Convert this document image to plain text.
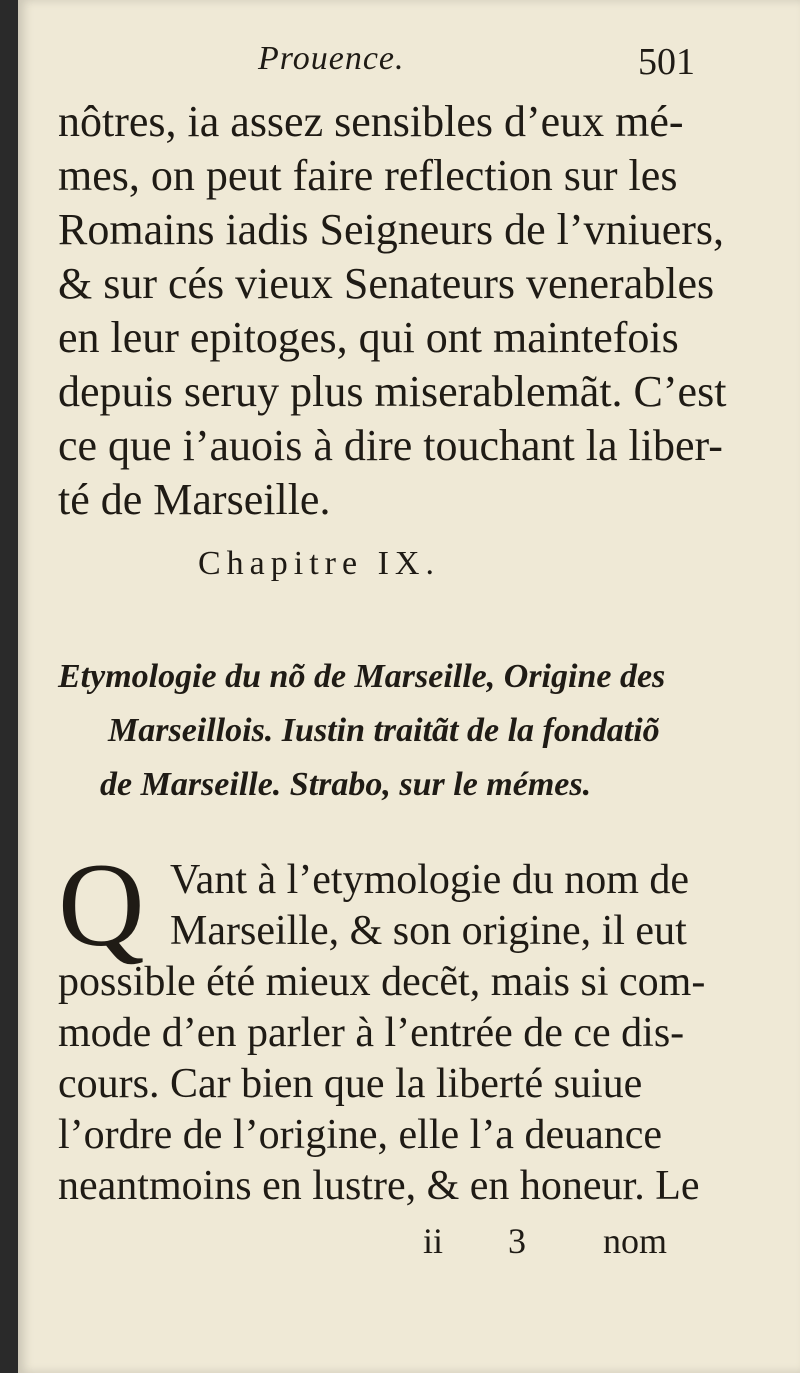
Prouence.	501
nôtres, ia assez sensibles d’eux mé-
mes, on peut faire reflection sur les
Romains iadis Seigneurs de l’vniuers,
& sur cés vieux Senateurs venerables
en leur epitoges, qui ont maintefois
depuis seruy plus miserablemãt. C’est
ce que i’auois à dire touchant la liber-
té de Marseille.
Chapitre IX.
Etymologie du nõ de Marseille, Origine des
Marseillois. Iustin traitãt de la fondatiõ
de Marseille. Strabo, sur le mémes.
Q Vant à l’etymologie du nom de
Marseille, & son origine, il eut
possible été mieux decẽt, mais si com-
mode d’en parler à l’entrée de ce dis-
cours. Car bien que la liberté suiue
l’ordre de l’origine, elle l’a deuance
neantmoins en lustre, & en honeur. Le
ii 3 nom
